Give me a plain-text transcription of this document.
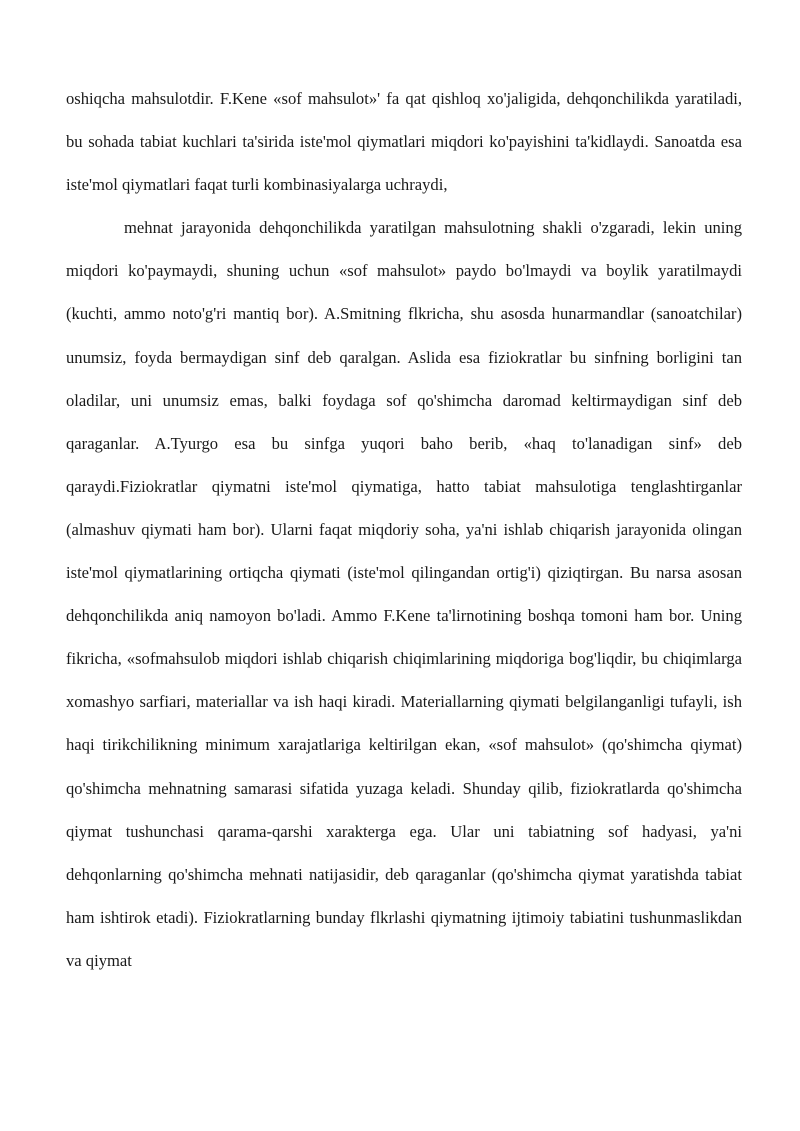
oshiqcha mahsulotdir. F.Kene «sof mahsulot»' fa qat qishloq xo'jaligida, dehqonchilikda yaratiladi, bu sohada tabiat kuchlari ta'sirida iste'mol qiymatlari miqdori ko'payishini ta'kidlaydi. Sanoatda esa iste'mol qiymatlari faqat turli kombinasiyalarga uchraydi,

mehnat jarayonida dehqonchilikda yaratilgan mahsulotning shakli o'zgaradi, lekin uning miqdori ko'paymaydi, shuning uchun «sof mahsulot» paydo bo'lmaydi va boylik yaratilmaydi (kuchti, ammo noto'g'ri mantiq bor). A.Smitning flkricha, shu asosda hunarmandlar (sanoatchilar) unumsiz, foyda bermaydigan sinf deb qaralgan. Aslida esa fiziokratlar bu sinfning borligini tan oladilar, uni unumsiz emas, balki foydaga sof qo'shimcha daromad keltirmaydigan sinf deb qaraganlar. A.Tyurgo esa bu sinfga yuqori baho berib, «haq to'lanadigan sinf» deb qaraydi.Fiziokratlar qiymatni iste'mol qiymatiga, hatto tabiat mahsulotiga tenglashtirganlar (almashuv qiymati ham bor). Ularni faqat miqdoriy soha, ya'ni ishlab chiqarish jarayonida olingan iste'mol qiymatlarining ortiqcha qiymati (iste'mol qilingandan ortig'i) qiziqtirgan. Bu narsa asosan dehqonchilikda aniq namoyon bo'ladi. Ammo F.Kene ta'lirnotining boshqa tomoni ham bor. Uning fikricha, «sofmahsulob miqdori ishlab chiqarish chiqimlarining miqdoriga bog'liqdir, bu chiqimlarga xomashyo sarfiari, materiallar va ish haqi kiradi. Materiallarning qiymati belgilanganligi tufayli, ish haqi tirikchilikning minimum xarajatlariga keltirilgan ekan, «sof mahsulot» (qo'shimcha qiymat) qo'shimcha mehnatning samarasi sifatida yuzaga keladi. Shunday qilib, fiziokratlarda qo'shimcha qiymat tushunchasi qarama-qarshi xarakterga ega. Ular uni tabiatning sof hadyasi, ya'ni dehqonlarning qo'shimcha mehnati natijasidir, deb qaraganlar (qo'shimcha qiymat yaratishda tabiat ham ishtirok etadi). Fiziokratlarning bunday flkrlashi qiymatning ijtimoiy tabiatini tushunmaslikdan va qiymat
